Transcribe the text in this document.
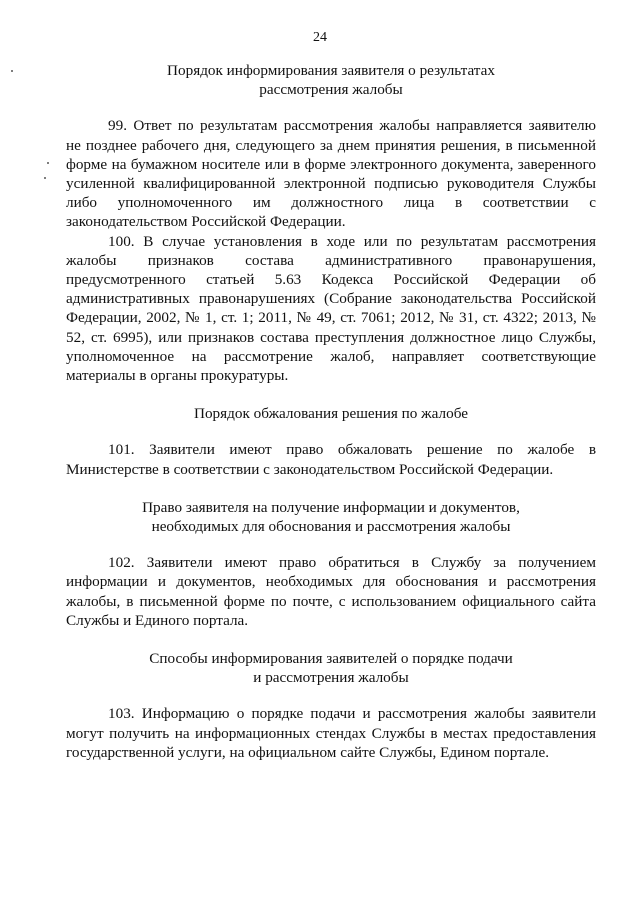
24

Порядок информирования заявителя о результатах
рассмотрения жалобы

99. Ответ по результатам рассмотрения жалобы направляется заявителю не позднее рабочего дня, следующего за днем принятия решения, в письменной форме на бумажном носителе или в форме электронного документа, заверенного усиленной квалифицированной электронной подписью руководителя Службы либо уполномоченного им должностного лица в соответствии с законодательством Российской Федерации.

100. В случае установления в ходе или по результатам рассмотрения жалобы признаков состава административного правонарушения, предусмотренного статьей 5.63 Кодекса Российской Федерации об административных правонарушениях (Собрание законодательства Российской Федерации, 2002, № 1, ст. 1; 2011, № 49, ст. 7061; 2012, № 31, ст. 4322; 2013, № 52, ст. 6995), или признаков состава преступления должностное лицо Службы, уполномоченное на рассмотрение жалоб, направляет соответствующие материалы в органы прокуратуры.

Порядок обжалования решения по жалобе

101. Заявители имеют право обжаловать решение по жалобе в Министерстве в соответствии с законодательством Российской Федерации.

Право заявителя на получение информации и документов,
необходимых для обоснования и рассмотрения жалобы

102. Заявители имеют право обратиться в Службу за получением информации и документов, необходимых для обоснования и рассмотрения жалобы, в письменной форме по почте, с использованием официального сайта Службы и Единого портала.

Способы информирования заявителей о порядке подачи
и рассмотрения жалобы

103. Информацию о порядке подачи и рассмотрения жалобы заявители могут получить на информационных стендах Службы в местах предоставления государственной услуги, на официальном сайте Службы, Едином портале.
